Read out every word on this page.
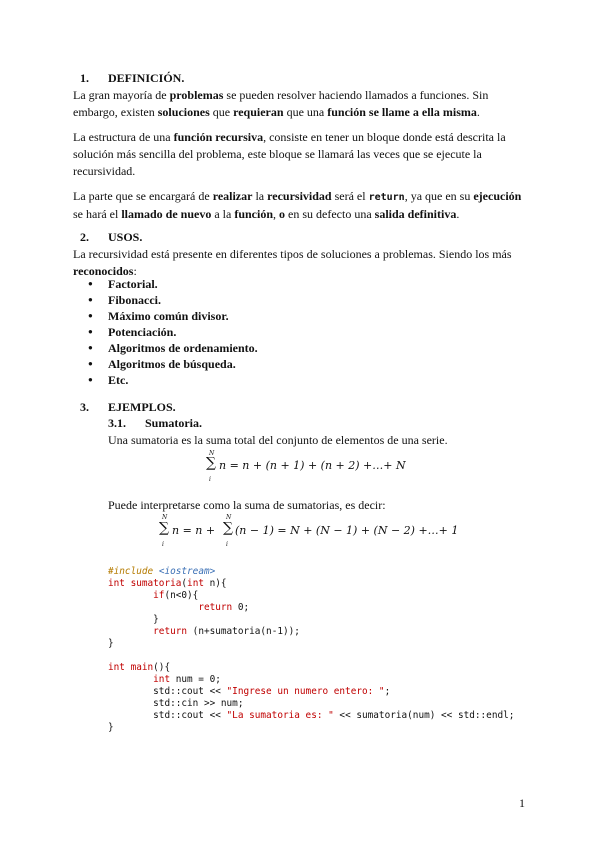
1. DEFINICIÓN.
La gran mayoría de problemas se pueden resolver haciendo llamados a funciones. Sin embargo, existen soluciones que requieran que una función se llame a ella misma.
La estructura de una función recursiva, consiste en tener un bloque donde está descrita la solución más sencilla del problema, este bloque se llamará las veces que se ejecute la recursividad.
La parte que se encargará de realizar la recursividad será el return, ya que en su ejecución se hará el llamado de nuevo a la función, o en su defecto una salida definitiva.
2. USOS.
La recursividad está presente en diferentes tipos de soluciones a problemas. Siendo los más reconocidos:
● Factorial.
● Fibonacci.
● Máximo común divisor.
● Potenciación.
● Algoritmos de ordenamiento.
● Algoritmos de búsqueda.
● Etc.
3. EJEMPLOS.
3.1. Sumatoria.
Una sumatoria es la suma total del conjunto de elementos de una serie.
N
∑
i
n = n + (n + 1) + (n + 2) +…+ N
Puede interpretarse como la suma de sumatorias, es decir:
N
∑
i
n = n +
N
∑
i
(n − 1) = N + (N − 1) + (N − 2) +…+ 1
#include <iostream>
int sumatoria(int n){
if(n<0){
return 0;
}
return (n+sumatoria(n-1));
}
int main(){
int num = 0;
std::cout << "Ingrese un numero entero: ";
std::cin >> num;
std::cout << "La sumatoria es: " << sumatoria(num) << std::endl;
}
1
